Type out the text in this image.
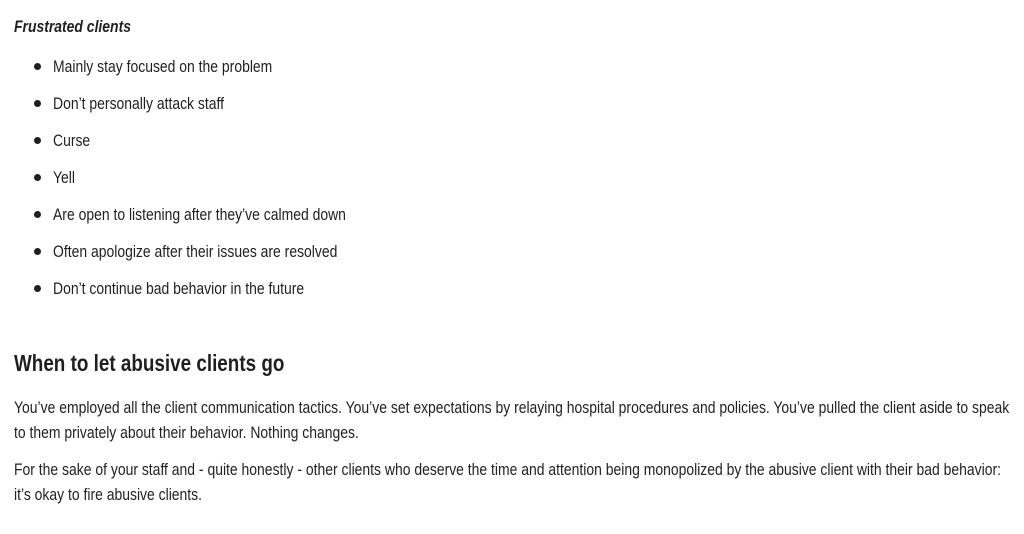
Frustrated clients
Mainly stay focused on the problem
Don’t personally attack staff
Curse
Yell
Are open to listening after they’ve calmed down
Often apologize after their issues are resolved
Don’t continue bad behavior in the future
When to let abusive clients go

You’ve employed all the client communication tactics. You’ve set expectations by relaying hospital procedures and policies. You’ve pulled the client aside to speak
to them privately about their behavior. Nothing changes.

For the sake of your staff and - quite honestly - other clients who deserve the time and attention being monopolized by the abusive client with their bad behavior:
it’s okay to fire abusive clients.
